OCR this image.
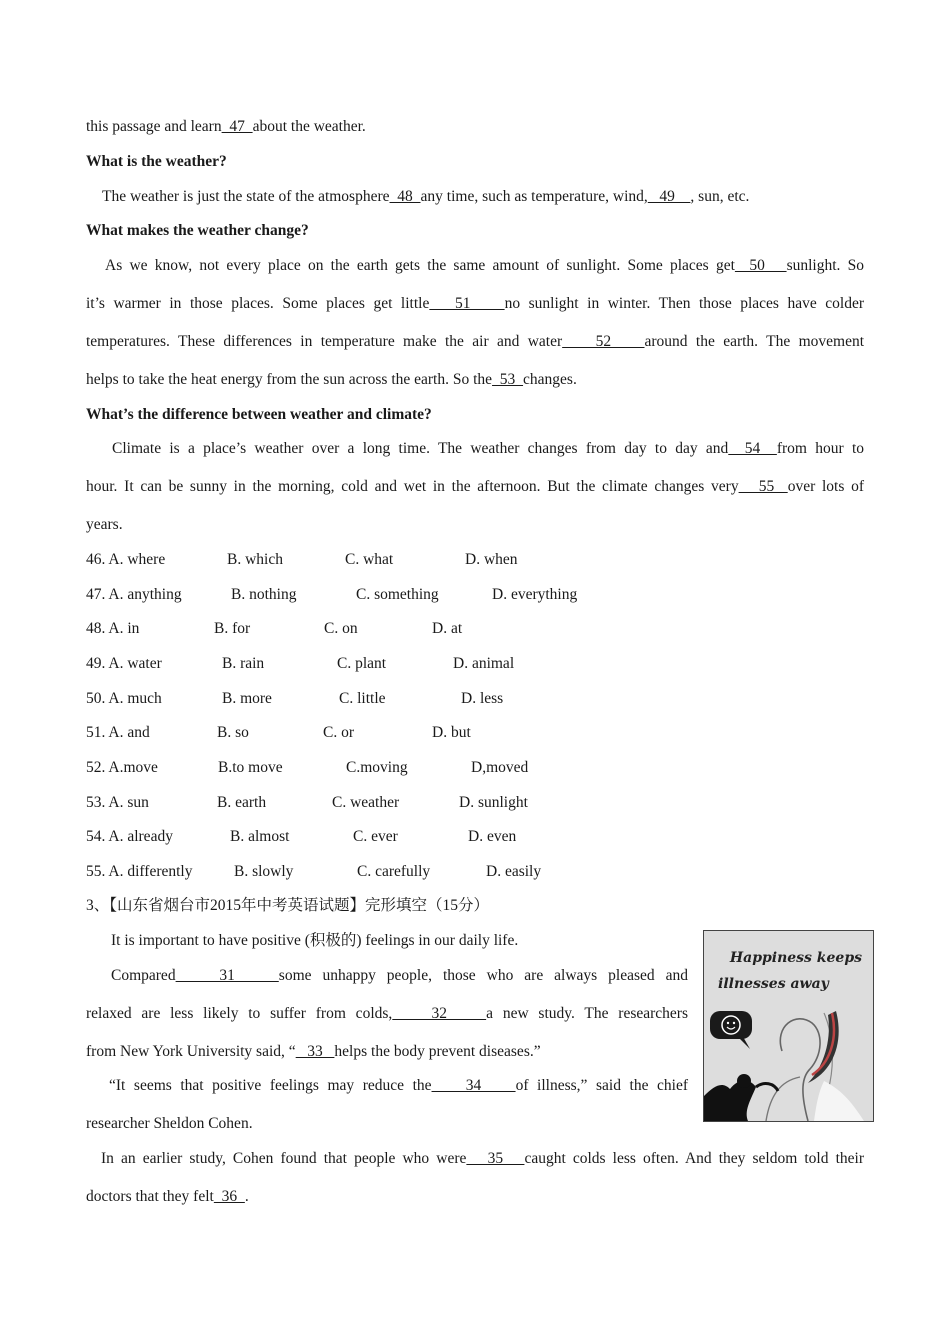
this passage and learn  47  about the weather.
What is the weather?
The weather is just the state of the atmosphere  48  any time, such as temperature, wind,   49    , sun, etc.
What makes the weather change?
As we know, not every place on the earth gets the same amount of sunlight. Some places get  50   sunlight. So
it’s warmer in those places. Some places get little   51    no sunlight in winter. Then those places have colder
temperatures. These differences in temperature make the air and water    52    around the earth. The movement
helps to take the heat energy from the sun across the earth. So the  53  changes.
What’s the difference between weather and climate?
Climate is a place’s weather over a long time. The weather changes from day to day and  54  from hour to
hour. It can be sunny in the morning, cold and wet in the afternoon. But the climate changes very   55  over lots of
years.
46. A. where	B. which	C. what	D. when
47. A. anything	B. nothing	C. something	D. everything
48. A. in	B. for	C. on	D. at
49. A. water	B. rain	C. plant	D. animal
50. A. much	B. more	C. little	D. less
51. A. and	B. so	C. or	D. but
52. A.move	B.to move	C.moving	D,moved
53. A. sun	B. earth	C. weather	D. sunlight
54. A. already	B. almost	C. ever	D. even
55. A. differently	B. slowly	C. carefully	D. easily
3、【山东省烟台市2015年中考英语试题】完形填空（15分）
It is important to have positive (积极的) feelings in our daily life.
Compared    31    some unhappy people, those who are always pleased and
relaxed are less likely to suffer from colds,    32    a new study. The researchers
from New York University said, “   33   helps the body prevent diseases.”
“It seems that positive feelings may reduce the    34    of illness,” said the chief
researcher Sheldon Cohen.
In an earlier study, Cohen found that people who were   35   caught colds less often. And they seldom told their
doctors that they felt  36  .
Happiness keeps
illnesses away
